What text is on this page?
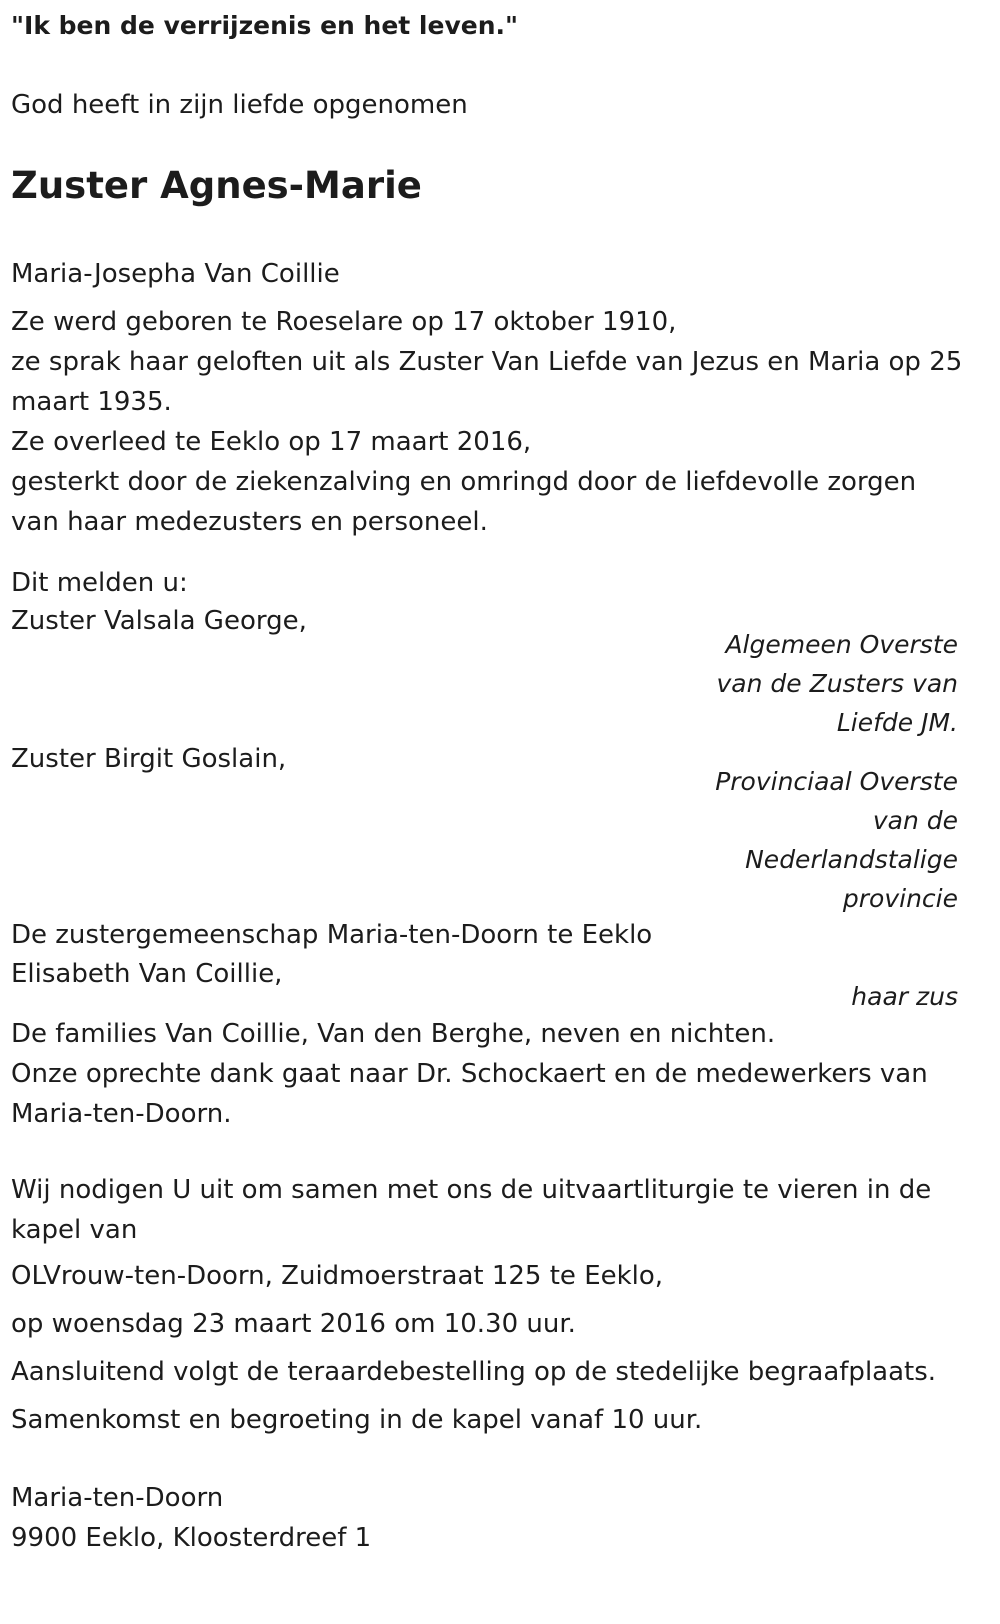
"Ik ben de verrijzenis en het leven."
God heeft in zijn liefde opgenomen
Zuster Agnes-Marie
Maria-Josepha Van Coillie
Ze werd geboren te Roeselare op 17 oktober 1910,
ze sprak haar geloften uit als Zuster Van Liefde van Jezus en Maria op 25
maart 1935.
Ze overleed te Eeklo op 17 maart 2016,
gesterkt door de ziekenzalving en omringd door de liefdevolle zorgen
van haar medezusters en personeel.
Dit melden u:
Zuster Valsala George,
Algemeen Overste
van de Zusters van
Liefde JM.
Zuster Birgit Goslain,
Provinciaal Overste
van de
Nederlandstalige
provincie
De zustergemeenschap Maria-ten-Doorn te Eeklo
Elisabeth Van Coillie,
haar zus
De families Van Coillie, Van den Berghe, neven en nichten.
Onze oprechte dank gaat naar Dr. Schockaert en de medewerkers van
Maria-ten-Doorn.
Wij nodigen U uit om samen met ons de uitvaartliturgie te vieren in de
kapel van
OLVrouw-ten-Doorn, Zuidmoerstraat 125 te Eeklo,
op woensdag 23 maart 2016 om 10.30 uur.
Aansluitend volgt de teraardebestelling op de stedelijke begraafplaats.
Samenkomst en begroeting in de kapel vanaf 10 uur.
Maria-ten-Doorn
9900 Eeklo, Kloosterdreef 1
